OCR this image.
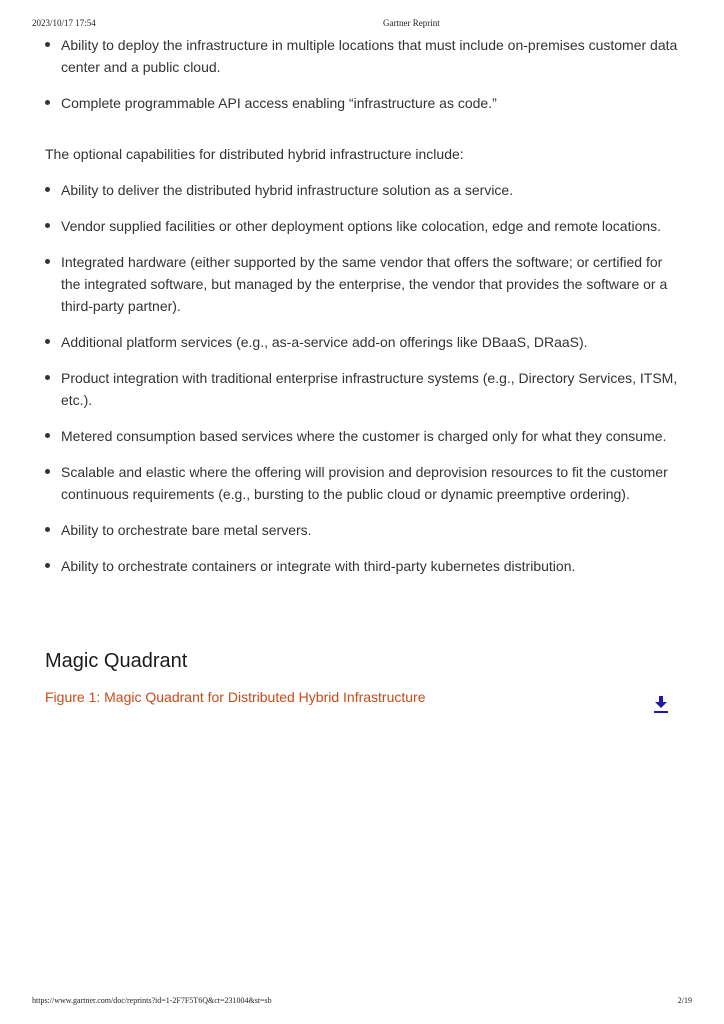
2023/10/17 17:54	Gartner Reprint
Ability to deploy the infrastructure in multiple locations that must include on-premises customer data center and a public cloud.
Complete programmable API access enabling “infrastructure as code.”

The optional capabilities for distributed hybrid infrastructure include:

Ability to deliver the distributed hybrid infrastructure solution as a service.
Vendor supplied facilities or other deployment options like colocation, edge and remote locations.
Integrated hardware (either supported by the same vendor that offers the software; or certified for the integrated software, but managed by the enterprise, the vendor that provides the software or a third-party partner).
Additional platform services (e.g., as-a-service add-on offerings like DBaaS, DRaaS).
Product integration with traditional enterprise infrastructure systems (e.g., Directory Services, ITSM, etc.).
Metered consumption based services where the customer is charged only for what they consume.
Scalable and elastic where the offering will provision and deprovision resources to fit the customer continuous requirements (e.g., bursting to the public cloud or dynamic preemptive ordering).
Ability to orchestrate bare metal servers.
Ability to orchestrate containers or integrate with third-party kubernetes distribution.
Magic Quadrant
Figure 1: Magic Quadrant for Distributed Hybrid Infrastructure
https://www.gartner.com/doc/reprints?id=1-2F7F5T6Q&ct=231004&st=sb	2/19
